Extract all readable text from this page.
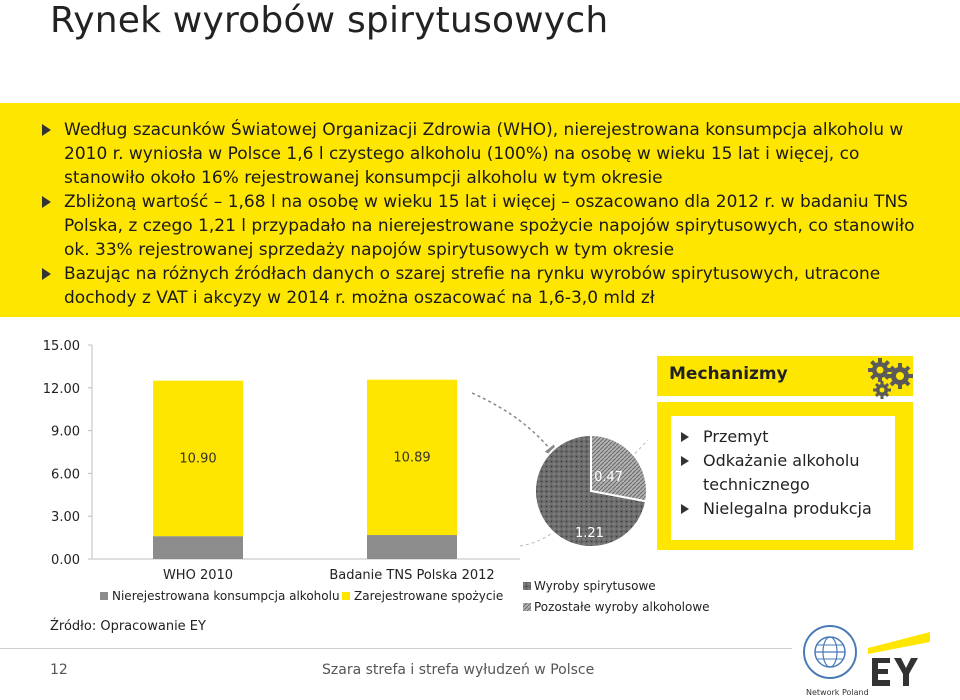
Rynek wyrobów spirytusowych
Według szacunków Światowej Organizacji Zdrowia (WHO), nierejestrowana konsumpcja alkoholu w 2010 r. wyniosła w Polsce 1,6 l czystego alkoholu (100%) na osobę w wieku 15 lat i więcej, co stanowiło około 16% rejestrowanej konsumpcji alkoholu w tym okresie
Zbliżoną wartość – 1,68 l na osobę w wieku 15 lat i więcej – oszacowano dla 2012 r. w badaniu TNS Polska, z czego 1,21 l przypadało na nierejestrowane spożycie napojów spirytusowych, co stanowiło ok. 33% rejestrowanej sprzedaży napojów spirytusowych w tym okresie
Bazując na różnych źródłach danych o szarej strefie na rynku wyrobów spirytusowych, utracone dochody z VAT i akcyzy w 2014 r. można oszacować na 1,6-3,0 mld zł
15.00
12.00
9.00
6.00
3.00
0.00
10.90	10.89
WHO 2010	Badanie TNS Polska 2012
Nierejestrowana konsumpcja alkoholu Zarejestrowane spożycie
0.47
1.21
Wyroby spirytusowe
Pozostałe wyroby alkoholowe
Mechanizmy
Przemyt
Odkażanie alkoholu technicznego
Nielegalna produkcja
Źródło: Opracowanie EY
12	Szara strefa i strefa wyłudzeń w Polsce
Network Poland
